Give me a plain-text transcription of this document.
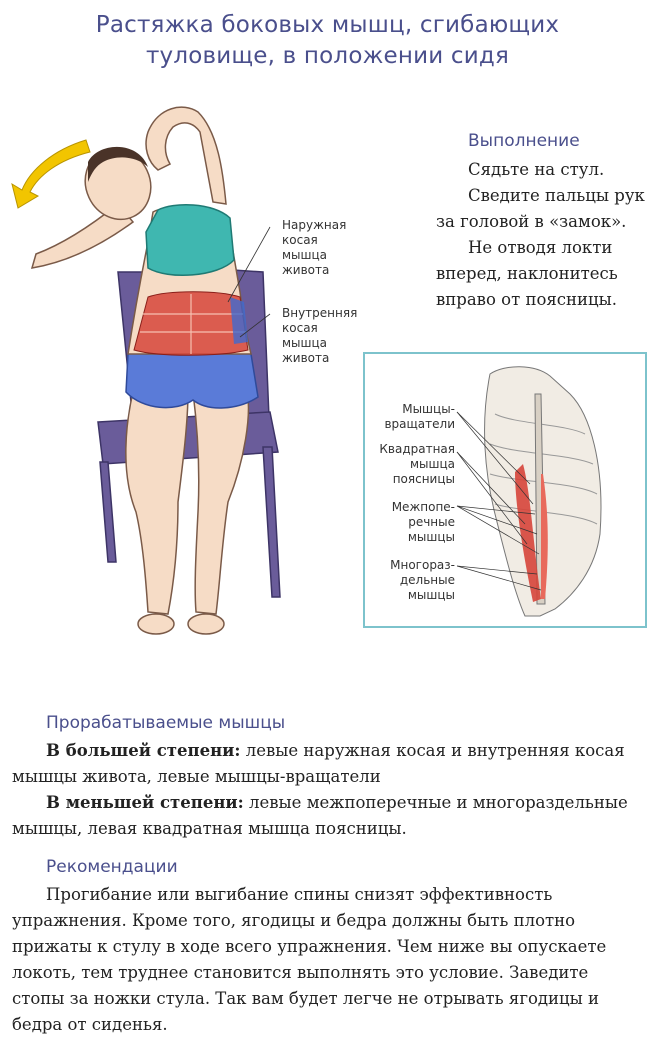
Растяжка боковых мышц, сгибающих
туловище, в положении сидя
Наружная
косая
мышца
живота
Внутренняя
косая
мышца
живота
Выполнение

Сядьте на стул.

Сведите пальцы рук за головой в «замок».

Не отводя локти вперед, наклонитесь вправо от поясницы.

Мышцы-
вращатели
Квадратная
мышца
поясницы
Межпопе-
речные
мышцы
Многораз-
дельные
мышцы
Прорабатываемые мышцы

В большей степени: левые наружная косая и внутренняя косая мышцы живота, левые мышцы-вращатели

В меньшей степени: левые межпоперечные и многораздельные мышцы, левая квадратная мышца поясницы.

Рекомендации

Прогибание или выгибание спины снизят эффективность упражнения. Кроме того, ягодицы и бедра должны быть плотно прижаты к стулу в ходе всего упражнения. Чем ниже вы опускаете локоть, тем труднее становится выполнять это условие. Заведите стопы за ножки стула. Так вам будет легче не отрывать ягодицы и бедра от сиденья.
